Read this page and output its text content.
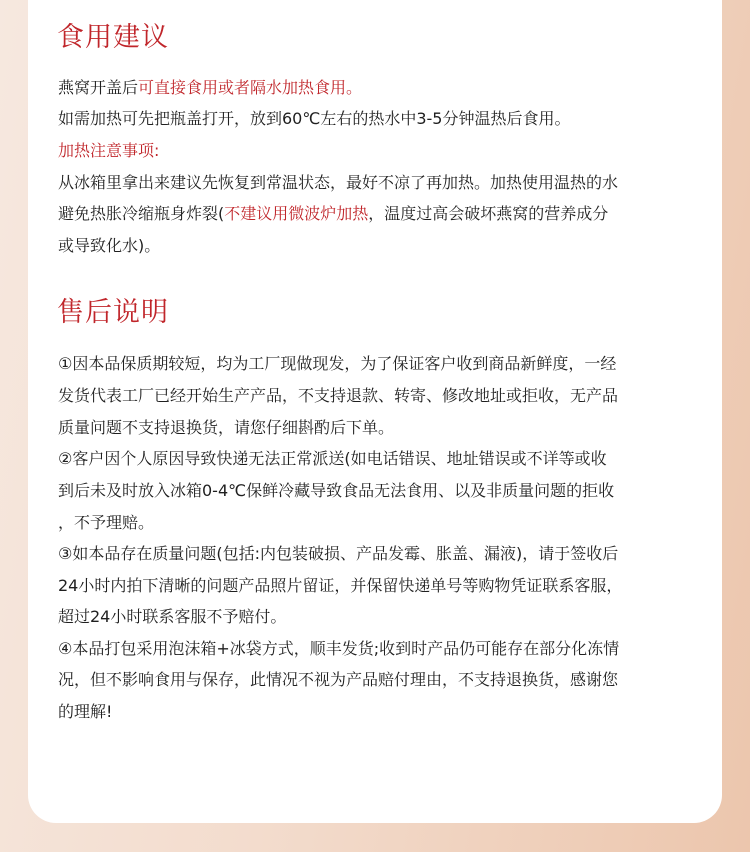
食用建议

燕窝开盖后可直接食用或者隔水加热食用。

如需加热可先把瓶盖打开，放到60℃左右的热水中3-5分钟温热后食用。

加热注意事项:

从冰箱里拿出来建议先恢复到常温状态，最好不凉了再加热。加热使用温热的水

避免热胀冷缩瓶身炸裂(不建议用微波炉加热，温度过高会破坏燕窝的营养成分

或导致化水)。

售后说明

①因本品保质期较短，均为工厂现做现发，为了保证客户收到商品新鲜度，一经

发货代表工厂已经开始生产产品，不支持退款、转寄、修改地址或拒收，无产品

质量问题不支持退换货，请您仔细斟酌后下单。

②客户因个人原因导致快递无法正常派送(如电话错误、地址错误或不详等或收

到后未及时放入冰箱0-4℃保鲜冷藏导致食品无法食用、以及非质量问题的拒收

，不予理赔。

③如本品存在质量问题(包括:内包装破损、产品发霉、胀盖、漏液)，请于签收后

24小时内拍下清晰的问题产品照片留证，并保留快递单号等购物凭证联系客服，

超过24小时联系客服不予赔付。

④本品打包采用泡沫箱+冰袋方式，顺丰发货;收到时产品仍可能存在部分化冻情

况，但不影响食用与保存，此情况不视为产品赔付理由，不支持退换货，感谢您

的理解!
